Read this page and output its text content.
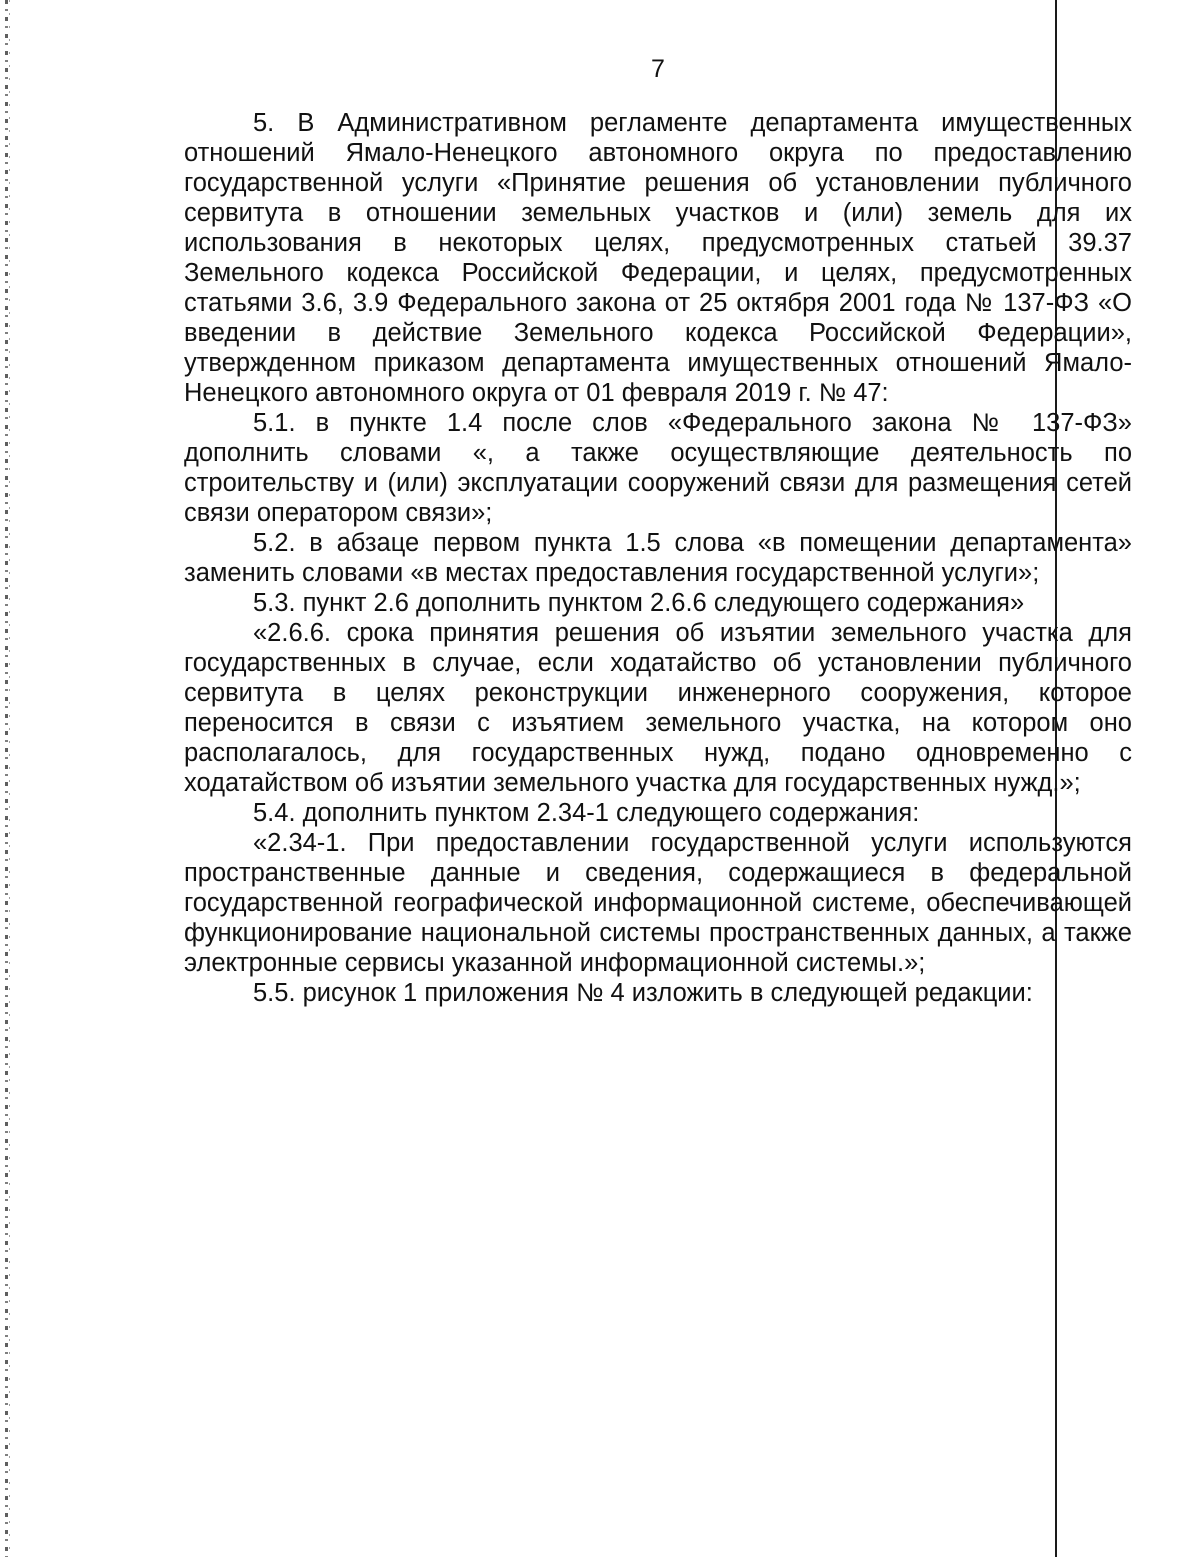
7

5. В Административном регламенте департамента имущественных отношений Ямало-Ненецкого автономного округа по предоставлению государственной услуги «Принятие решения об установлении публичного сервитута в отношении земельных участков и (или) земель для их использования в некоторых целях, предусмотренных статьей 39.37 Земельного кодекса Российской Федерации, и целях, предусмотренных статьями 3.6, 3.9 Федерального закона от 25 октября 2001 года № 137-ФЗ «О введении в действие Земельного кодекса Российской Федерации», утвержденном приказом департамента имущественных отношений Ямало-Ненецкого автономного округа от 01 февраля 2019 г. № 47:

5.1. в пункте 1.4 после слов «Федерального закона № 137-ФЗ» дополнить словами «, а также осуществляющие деятельность по строительству и (или) эксплуатации сооружений связи для размещения сетей связи оператором связи»;

5.2. в абзаце первом пункта 1.5 слова «в помещении департамента» заменить словами «в местах предоставления государственной услуги»;

5.3. пункт 2.6 дополнить пунктом 2.6.6 следующего содержания»

«2.6.6. срока принятия решения об изъятии земельного участка для государственных в случае, если ходатайство об установлении публичного сервитута в целях реконструкции инженерного сооружения, которое переносится в связи с изъятием земельного участка, на котором оно располагалось, для государственных нужд, подано одновременно с ходатайством об изъятии земельного участка для государственных нужд.»;

5.4. дополнить пунктом 2.34-1 следующего содержания:

«2.34-1. При предоставлении государственной услуги используются пространственные данные и сведения, содержащиеся в федеральной государственной географической информационной системе, обеспечивающей функционирование национальной системы пространственных данных, а также электронные сервисы указанной информационной системы.»;

5.5. рисунок 1 приложения № 4 изложить в следующей редакции:
